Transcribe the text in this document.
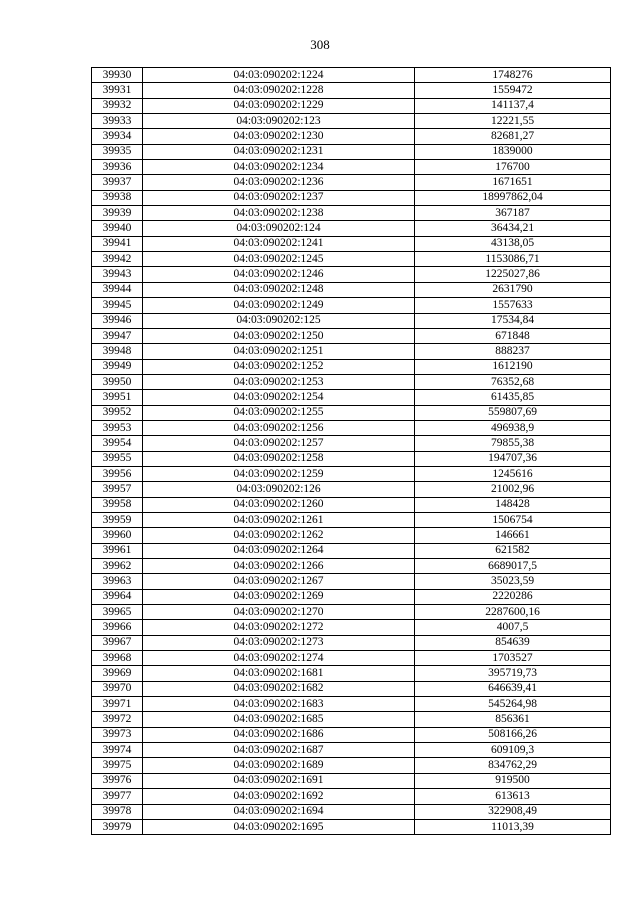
308
39930	04:03:090202:1224	1748276
39931	04:03:090202:1228	1559472
39932	04:03:090202:1229	141137,4
39933	04:03:090202:123	12221,55
39934	04:03:090202:1230	82681,27
39935	04:03:090202:1231	1839000
39936	04:03:090202:1234	176700
39937	04:03:090202:1236	1671651
39938	04:03:090202:1237	18997862,04
39939	04:03:090202:1238	367187
39940	04:03:090202:124	36434,21
39941	04:03:090202:1241	43138,05
39942	04:03:090202:1245	1153086,71
39943	04:03:090202:1246	1225027,86
39944	04:03:090202:1248	2631790
39945	04:03:090202:1249	1557633
39946	04:03:090202:125	17534,84
39947	04:03:090202:1250	671848
39948	04:03:090202:1251	888237
39949	04:03:090202:1252	1612190
39950	04:03:090202:1253	76352,68
39951	04:03:090202:1254	61435,85
39952	04:03:090202:1255	559807,69
39953	04:03:090202:1256	496938,9
39954	04:03:090202:1257	79855,38
39955	04:03:090202:1258	194707,36
39956	04:03:090202:1259	1245616
39957	04:03:090202:126	21002,96
39958	04:03:090202:1260	148428
39959	04:03:090202:1261	1506754
39960	04:03:090202:1262	146661
39961	04:03:090202:1264	621582
39962	04:03:090202:1266	6689017,5
39963	04:03:090202:1267	35023,59
39964	04:03:090202:1269	2220286
39965	04:03:090202:1270	2287600,16
39966	04:03:090202:1272	4007,5
39967	04:03:090202:1273	854639
39968	04:03:090202:1274	1703527
39969	04:03:090202:1681	395719,73
39970	04:03:090202:1682	646639,41
39971	04:03:090202:1683	545264,98
39972	04:03:090202:1685	856361
39973	04:03:090202:1686	508166,26
39974	04:03:090202:1687	609109,3
39975	04:03:090202:1689	834762,29
39976	04:03:090202:1691	919500
39977	04:03:090202:1692	613613
39978	04:03:090202:1694	322908,49
39979	04:03:090202:1695	11013,39
